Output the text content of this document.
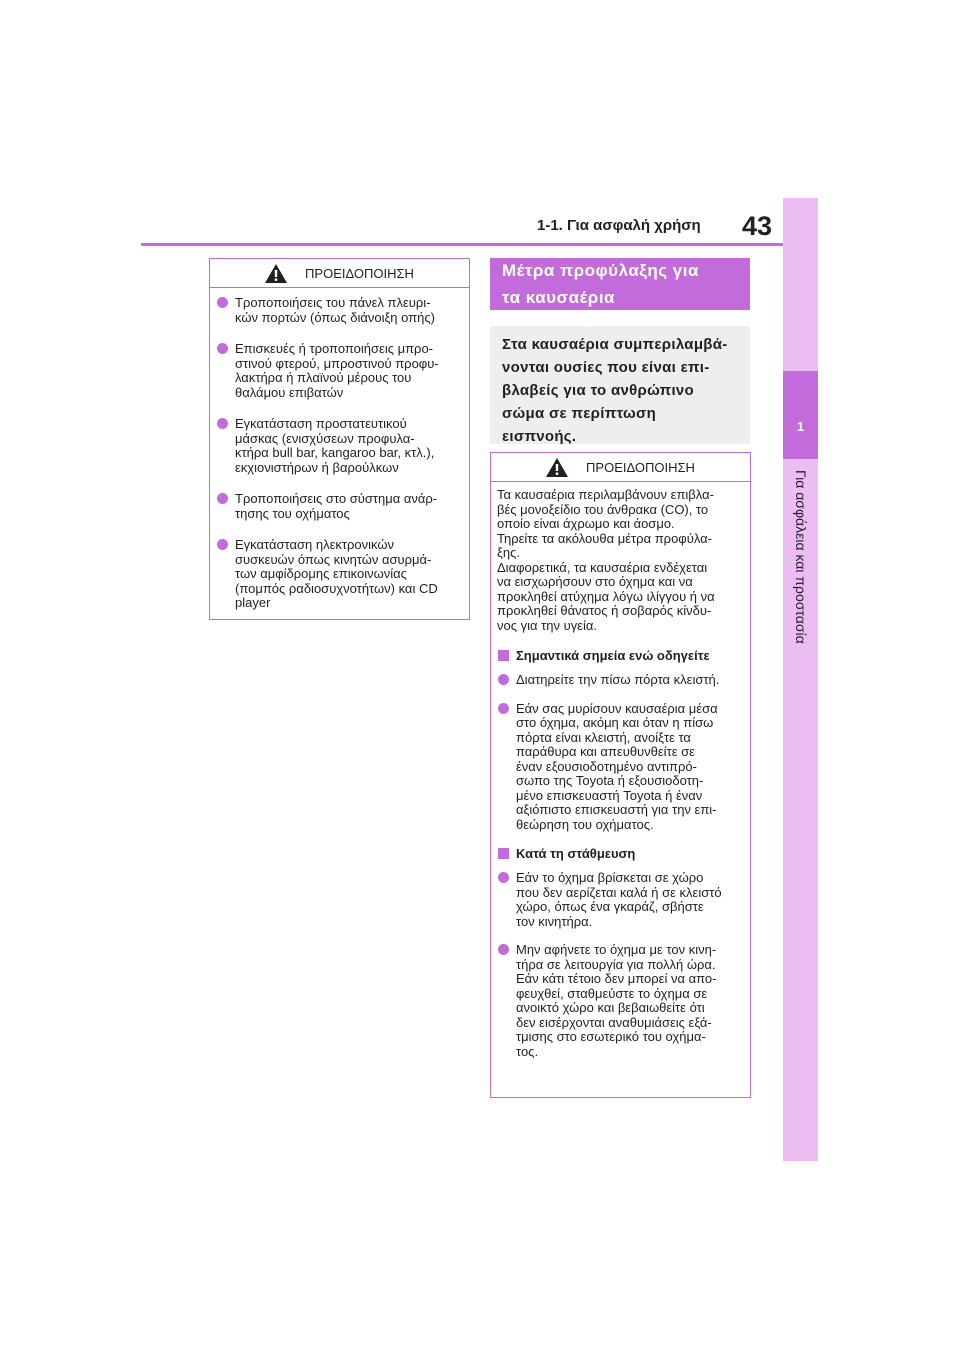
1-1. Για ασφαλή χρήση 43
1
Για ασφάλεια και προστασία
ΠΡΟΕΙΔΟΠΟΙΗΣΗ
Τροποποιήσεις του πάνελ πλευρι-
κών πορτών (όπως διάνοιξη οπής)
Επισκευές ή τροποποιήσεις μπρο-
στινού φτερού, μπροστινού προφυ-
λακτήρα ή πλαϊνού μέρους του
θαλάμου επιβατών
Εγκατάσταση προστατευτικού
μάσκας (ενισχύσεων προφυλα-
κτήρα bull bar, kangaroo bar, κτλ.),
εκχιονιστήρων ή βαρούλκων
Τροποποιήσεις στο σύστημα ανάρ-
τησης του οχήματος
Εγκατάσταση ηλεκτρονικών
συσκευών όπως κινητών ασυρμά-
των αμφίδρομης επικοινωνίας
(πομπός ραδιοσυχνοτήτων) και CD
player
Μέτρα προφύλαξης για
τα καυσαέρια
Στα καυσαέρια συμπεριλαμβά-
νονται ουσίες που είναι επι-
βλαβείς για το ανθρώπινο
σώμα σε περίπτωση
εισπνοής.
ΠΡΟΕΙΔΟΠΟΙΗΣΗ

Τα καυσαέρια περιλαμβάνουν επιβλα-
βές μονοξείδιο του άνθρακα (CO), το
οποίο είναι άχρωμο και άοσμο.
Τηρείτε τα ακόλουθα μέτρα προφύλα-
ξης.
Διαφορετικά, τα καυσαέρια ενδέχεται
να εισχωρήσουν στο όχημα και να
προκληθεί ατύχημα λόγω ιλίγγου ή να
προκληθεί θάνατος ή σοβαρός κίνδυ-
νος για την υγεία.

Σημαντικά σημεία ενώ οδηγείτε
Διατηρείτε την πίσω πόρτα κλειστή.
Εάν σας μυρίσουν καυσαέρια μέσα
στο όχημα, ακόμη και όταν η πίσω
πόρτα είναι κλειστή, ανοίξτε τα
παράθυρα και απευθυνθείτε σε
έναν εξουσιοδοτημένο αντιπρό-
σωπο της Toyota ή εξουσιοδοτη-
μένο επισκευαστή Toyota ή έναν
αξιόπιστο επισκευαστή για την επι-
θεώρηση του οχήματος.
Κατά τη στάθμευση
Εάν το όχημα βρίσκεται σε χώρο
που δεν αερίζεται καλά ή σε κλειστό
χώρο, όπως ένα γκαράζ, σβήστε
τον κινητήρα.
Μην αφήνετε το όχημα με τον κινη-
τήρα σε λειτουργία για πολλή ώρα.
Εάν κάτι τέτοιο δεν μπορεί να απο-
φευχθεί, σταθμεύστε το όχημα σε
ανοικτό χώρο και βεβαιωθείτε ότι
δεν εισέρχονται αναθυμιάσεις εξά-
τμισης στο εσωτερικό του οχήμα-
τος.
